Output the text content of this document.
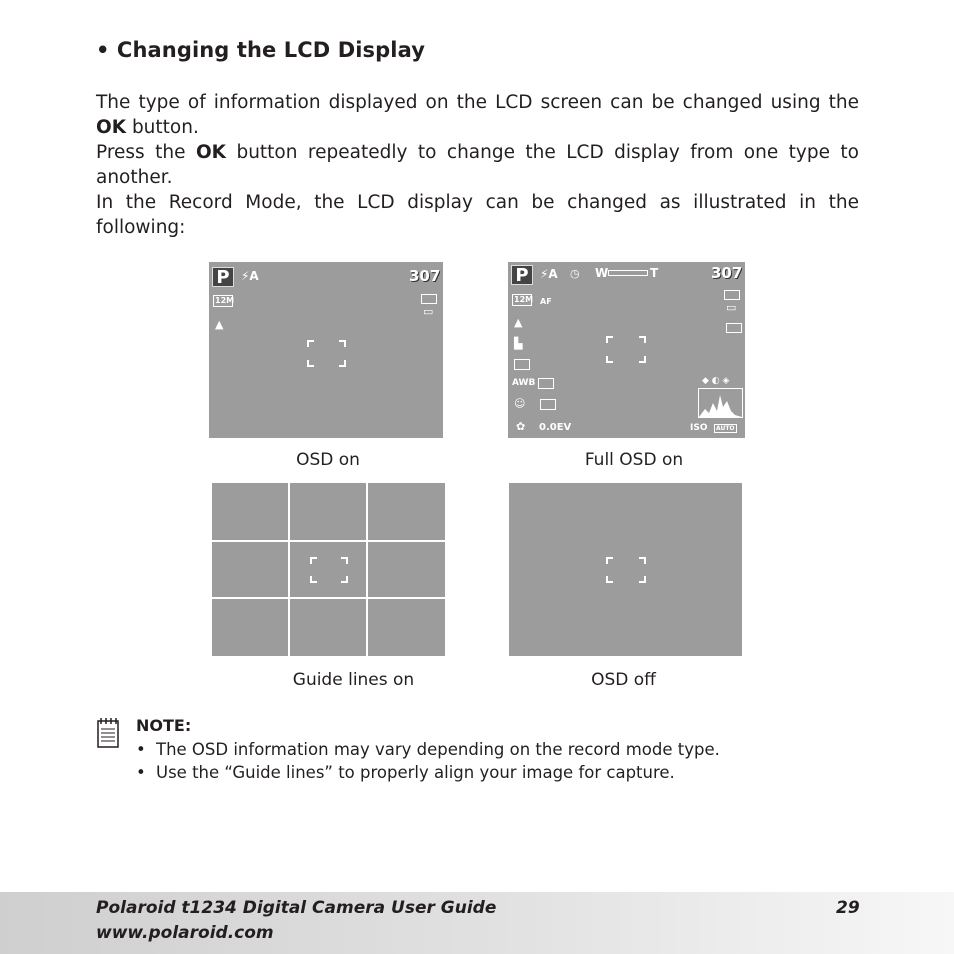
• Changing the LCD Display
The type of information displayed on the LCD screen can be changed using the OK button.
Press the OK button repeatedly to change the LCD display from one type to another.
In the Record Mode, the LCD display can be changed as illustrated in the following:
P ⚡A	307
12M
▭
▲
OSD on
P ⚡A ◷ W	T	307
12M AF	▭
▲
▙
AWB	◆ ◐ ◈
☺
✿ 0.0EV	ISO	AUTO
Full OSD on
Guide lines on	OSD off
NOTE:
• The OSD information may vary depending on the record mode type.
• Use the “Guide lines” to properly align your image for capture.
Polaroid t1234 Digital Camera User Guide
www.polaroid.com
29
